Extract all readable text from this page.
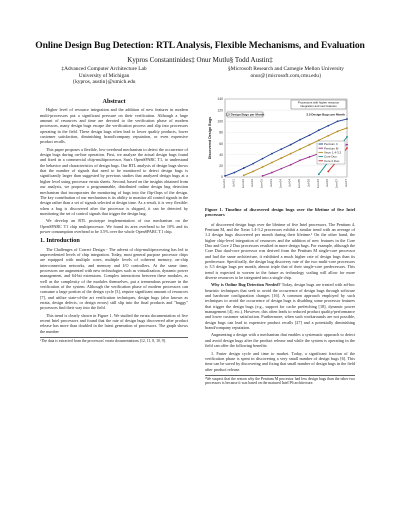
Online Design Bug Detection: RTL Analysis, Flexible Mechanisms, and Evaluation
Kypros Constantinides‡ Onur Mutlu§ Todd Austin‡
‡Advanced Computer Architecture Lab
University of Michigan
{kypros, austin}@umich.edu
§Microsoft Research and Carnegie Mellon University
onur@{microsoft.com,cmu.edu}
Abstract

Higher level of resource integration and the addition of new features in modern multi-processors put a significant pressure on their verification. Although a large amount of resources and time are devoted to the verification phase of modern processors, many design bugs escape the verification process and slip into processors operating in the field. These design bugs often lead to lower quality products, lower customer satisfaction, diminishing brand/company reputation, or even expensive product recalls.

This paper proposes a flexible, low-overhead mechanism to detect the occurrence of design bugs during on-line operation. First, we analyze the actual design bugs found and fixed in a commercial chip-multiprocessor, Sun's OpenSPARC T1, to understand the behavior and characteristics of design bugs. Our RTL analysis of design bugs shows that the number of signals that need to be monitored to detect design bugs is significantly larger than suggested by previous studies that analyzed design bugs at a higher level using processor errata sheets. Second, based on the insights obtained from our analysis, we propose a programmable, distributed online design bug detection mechanism that incorporates the monitoring of bugs into the flip-flops of the design. The key contribution of our mechanism is its ability to monitor all control signals in the design rather than a set of signals selected at design time. As a result, it is very flexible: when a bug is discovered after the processor is shipped, it can be detected by monitoring the set of control signals that trigger the design bug.

We develop an RTL prototype implementation of our mechanism on the OpenSPARC T1 chip multiprocessor. We found its area overhead to be 10% and its power consumption overhead to be 3.5% over the whole OpenSPARC T1 chip.

1. Introduction

The Challenges of Correct Design - The advent of chip-multiprocessing has led to unprecedented levels of chip integration. Today, most general purpose processor chips are equipped with multiple cores, multiple levels of coherent memory, on-chip interconnection networks, and memory and I/O controllers. At the same time, processors are augmented with new technologies such as virtualization, dynamic power management, and 64-bit extensions. Complex interactions between these modules, as well as the complexity of the modules themselves, put a tremendous pressure in the verification of the system. Although the verification phase of modern processors can consume a large portion of the design cycle [3], require significant amount of resources [7], and utilize state-of-the art verification techniques, design bugs (also known as errata, design defects, or design errors) still slip into the final products and "buggy" processors find their way into the field.

This trend is clearly shown in Figure 1. We studied the errata documentation of five recent Intel processors and found that the rate of design bugs discovered after product release has more than doubled in the latest generation of processors. The graph shows the number

¹The data is extracted from the processors' errata documentations [12, 11, 8, 10, 9].
0
20
40
60
80
100
120
140
Jan-01 Jul-01 Jan-02 Jul-02 Jan-03 Jul-03 Jan-04 Jul-04 Jan-05 Jul-05 Jan-06 Jul-06 Jan-07 Jul-07
Discovered Design Bugs
Processors with higher resource
integration and new features
1.2 Design Bugs per Month	3.5 Design Bugs per Month
Pentium 4
Pentium M
Xeon 1.4-3.2
Core Duo
Core 2 Duo
Figure 1. Timeline of discovered design bugs over the lifetime of five Intel processors

of discovered design bugs over the lifetime of five Intel processors. The Pentium 4, Pentium M, and the Xeon 1.4-3.2 processors exhibit a similar trend with an average of 1.2 design bugs discovered per month during their lifetime.¹ On the other hand, the higher chip-level integration of resources and the addition of new features in the Core Duo and Core 2 Duo processors resulted in more design bugs. For example, although the Core Duo dual-core processor was derived from the Pentium M single-core processor and had the same architecture, it exhibited a much higher rate of design bugs than its predecessor. Specifically, the design bug discovery rate of the two multi-core processors is 3.5 design bugs per month, almost triple that of their single-core predecessors. This trend is expected to worsen in the future as technology scaling will allow for more diverse resources to be integrated into a single chip.

Why is Online Bug Detection Needed? Today, design bugs are treated with ad-hoc heuristic techniques that seek to avoid the occurrence of design bugs through software and hardware configuration changes [16]. A common approach employed by such techniques to avoid the occurrence of design bugs is disabling some processor features that trigger the design bugs (e.g., support for cache prefetching [18], dynamic power management [4], etc.). However, this often leads to reduced product quality/performance and lower customer satisfaction. Furthermore, when such workarounds are not possible, design bugs can lead to expensive product recalls [27] and a potentially diminishing brand/company reputation.

Augmenting a design with a mechanism that enables a systematic approach to detect and avoid design bugs after the product release and while the system is operating in the field can offer the following benefits:

1. Faster design cycle and time to market. Today, a significant fraction of the verification phase is spent in discovering a very small number of design bugs [6]. This time can be saved by discovering and fixing that small number of design bugs in the field after product release.

²We suspect that the reason why the Pentium M processor had less design bugs than the other two processors is because it was based on the matured Intel P6 architecture.
